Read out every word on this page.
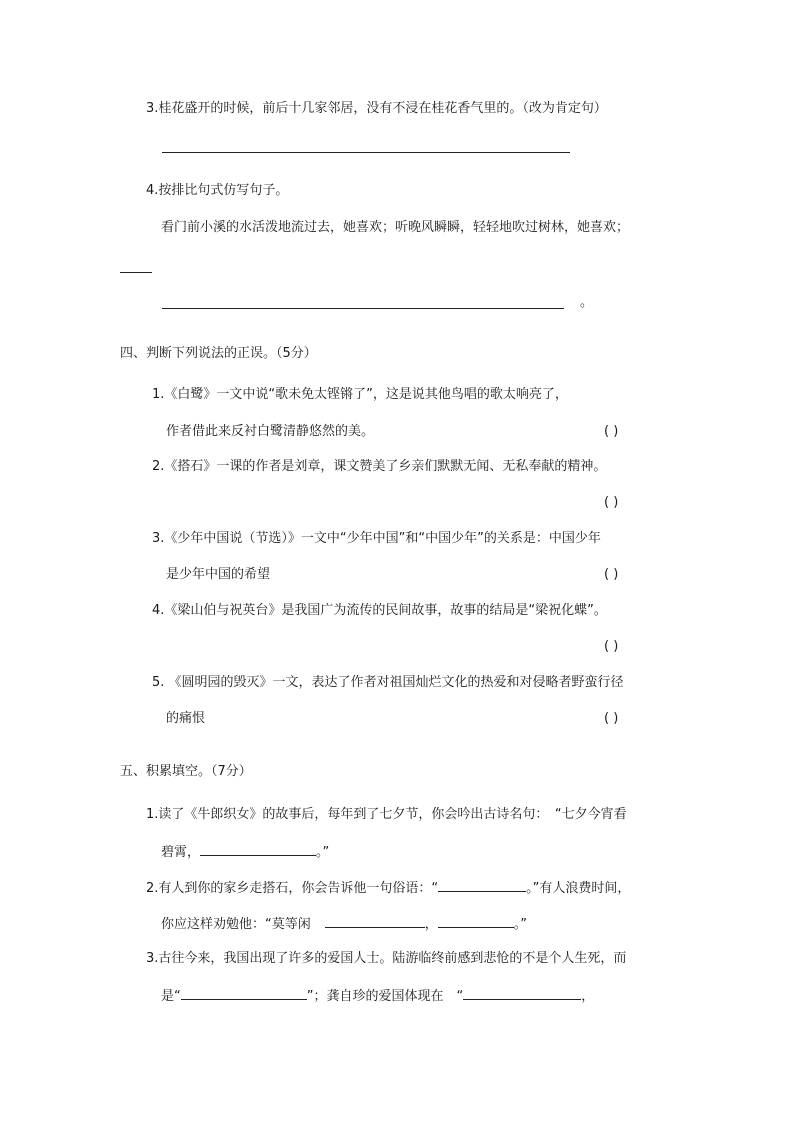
3.桂花盛开的时候，前后十几家邻居，没有不浸在桂花香气里的。（改为肯定句）
4.按排比句式仿写句子。
看门前小溪的水活泼地流过去，她喜欢；听晚风瞬瞬，轻轻地吹过树林，她喜欢；
。
四、判断下列说法的正误。（5分）
1.《白鹭》一文中说“歌未免太铿锵了”，这是说其他鸟唱的歌太响亮了，
作者借此来反衬白鹭清静悠然的美。	( )
2.《搭石》一课的作者是刘章，课文赞美了乡亲们默默无闻、无私奉献的精神。
( )
3.《少年中国说（节选）》一文中“少年中国”和“中国少年”的关系是：中国少年
是少年中国的希望	( )
4.《梁山伯与祝英台》是我国广为流传的民间故事，故事的结局是“梁祝化蝶”。
( )
5. 《圆明园的毁灭》一文，表达了作者对祖国灿烂文化的热爱和对侵略者野蛮行径
的痛恨	( )
五、积累填空。（7分）
1.读了《牛郎织女》的故事后，每年到了七夕节，你会吟出古诗名句：　“七夕今宵看
碧霄，	。”
2.有人到你的家乡走搭石，你会告诉他一句俗语：“	。”有人浪费时间，
你应这样劝勉他：“莫等闲	，	。”
3.古往今来，我国出现了许多的爱国人士。陆游临终前感到悲怆的不是个人生死，而
是“	”；龚自珍的爱国体现在　“	，
